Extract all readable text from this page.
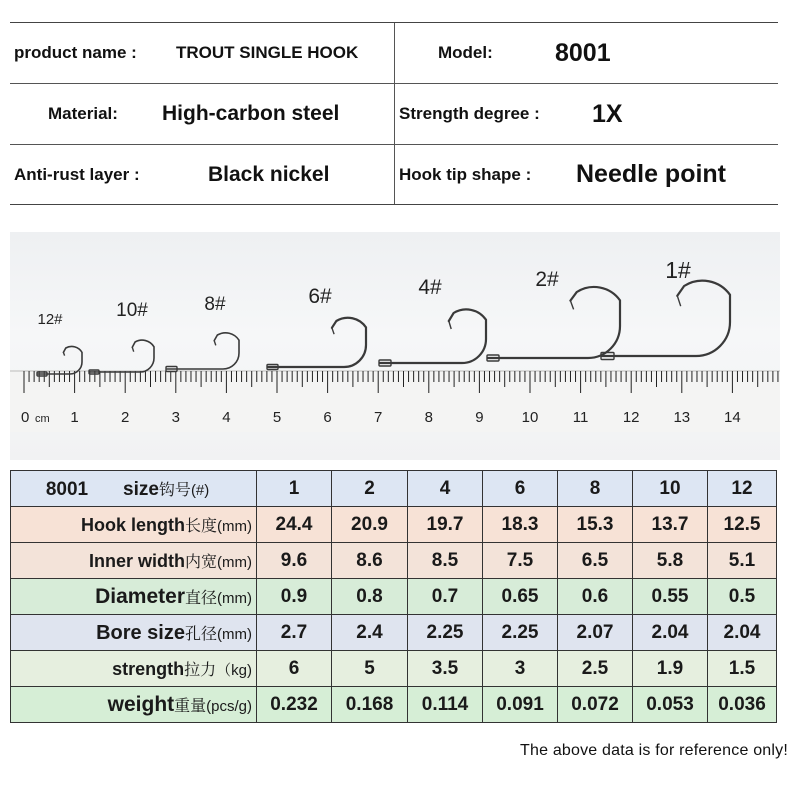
product name : TROUT SINGLE HOOK	Model: 8001
Material: High-carbon steel	Strength degree : 1X
Anti-rust layer :	Black nickel	Hook tip shape : Needle point
0	1	2	3	4	5	6	7	8	9	10 11 12 13 14
cm
12#	10#	8#	6#	4#	2#	1#
8001 size钩号(#)	1	2	4	6	8	10	12
Hook length长度(mm)	24.4	20.9	19.7	18.3	15.3	13.7	12.5
Inner width内宽(mm)	9.6	8.6	8.5	7.5	6.5	5.8	5.1
Diameter直径(mm)	0.9	0.8	0.7	0.65	0.6	0.55	0.5
Bore size孔径(mm)	2.7	2.4	2.25	2.25	2.07	2.04	2.04
strength拉力（kg)	6	5	3.5	3	2.5	1.9	1.5
weight重量(pcs/g)	0.232	0.168	0.114	0.091	0.072	0.053	0.036
The above data is for reference only!
